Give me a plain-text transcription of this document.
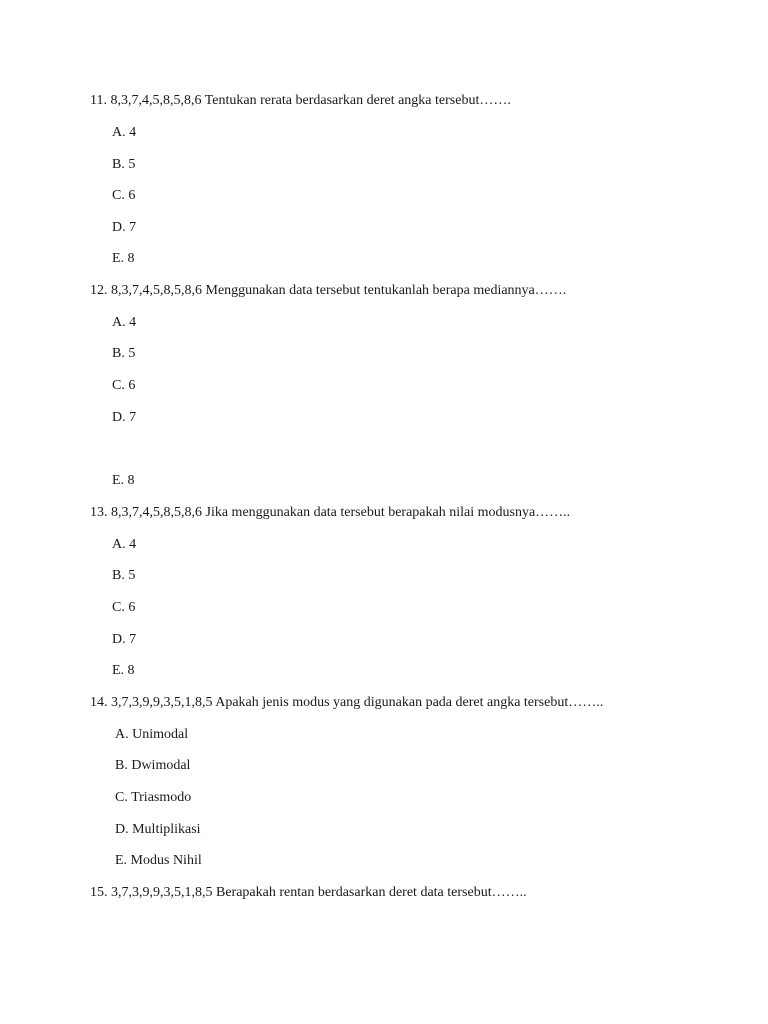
11. 8,3,7,4,5,8,5,8,6 Tentukan rerata berdasarkan deret angka tersebut…….
A. 4
B. 5
C. 6
D. 7
E. 8
12. 8,3,7,4,5,8,5,8,6 Menggunakan data tersebut tentukanlah berapa mediannya…….
A. 4
B. 5
C. 6
D. 7
E. 8
13. 8,3,7,4,5,8,5,8,6 Jika menggunakan data tersebut berapakah nilai modusnya……..
A. 4
B. 5
C. 6
D. 7
E. 8
14. 3,7,3,9,9,3,5,1,8,5 Apakah jenis modus yang digunakan pada deret angka tersebut……..
A. Unimodal
B. Dwimodal
C. Triasmodo
D. Multiplikasi
E. Modus Nihil
15. 3,7,3,9,9,3,5,1,8,5 Berapakah rentan berdasarkan deret data tersebut……..
